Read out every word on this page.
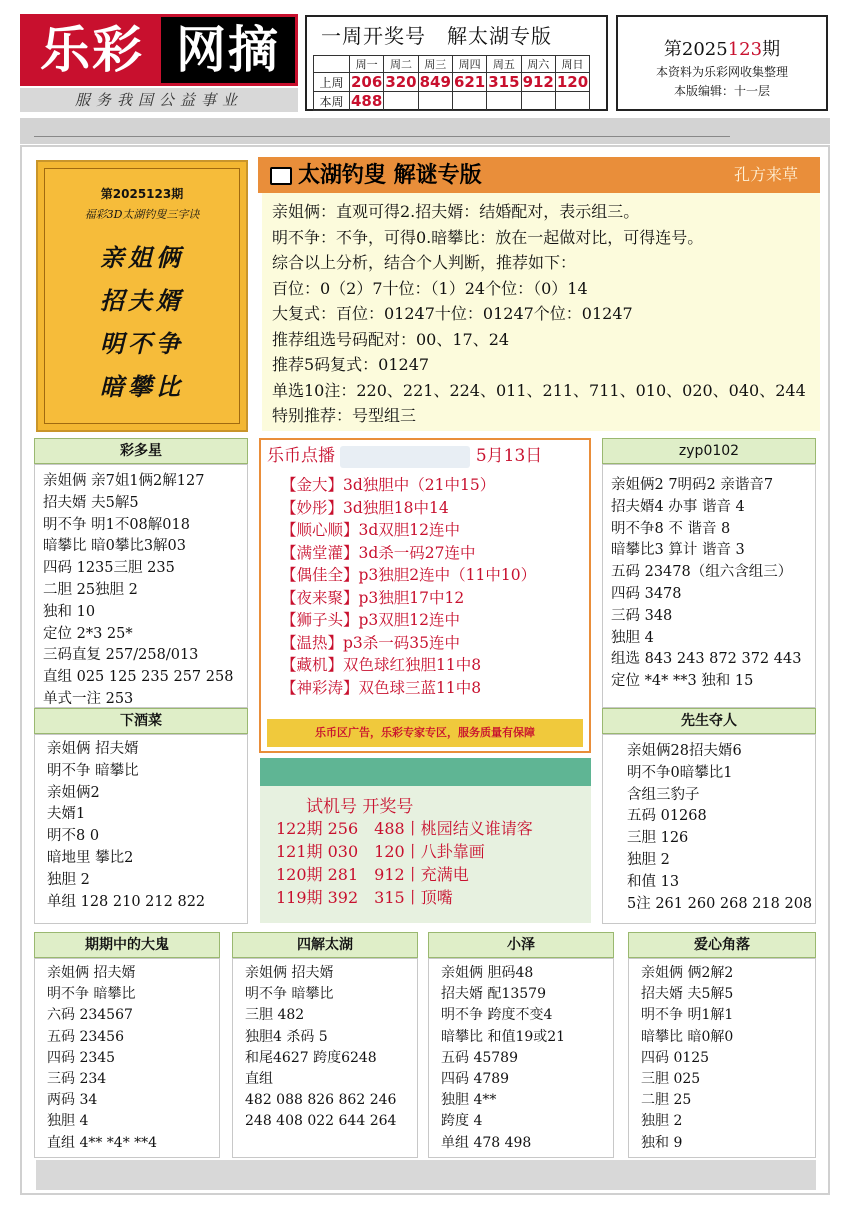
乐彩 网摘
服务我国公益事业
一周开奖号　解太湖专版
	周一	周二	周三	周四	周五	周六	周日
上周	206	320	849	621	315	912	120
本周	488						
第2025123期
本资料为乐彩网收集整理
本版编辑：十一层
第2025123期
福彩3D太湖钓叟三字诀
亲姐俩
招夫婿
明不争
暗攀比
太湖钓叟 解谜专版	孔方来草
亲姐俩：直观可得2.招夫婿：结婚配对，表示组三。
明不争：不争，可得0.暗攀比：放在一起做对比，可得连号。
综合以上分析，结合个人判断，推荐如下：
百位：0（2）7十位：（1）24个位：（0）14
大复式：百位：01247十位：01247个位：01247
推荐组选号码配对：00、17、24
推荐5码复式：01247
单选10注：220、221、224、011、211、711、010、020、040、244
特别推荐：号型组三
彩多星
亲姐俩 亲7姐1俩2解127
招夫婿 夫5解5
明不争 明1不08解018
暗攀比 暗0攀比3解03
四码 1235三胆 235
二胆 25独胆 2
独和 10
定位 2*3 25*
三码直复 257/258/013
直组 025 125 235 257 258
单式一注 253
下酒菜
亲姐俩 招夫婿
明不争 暗攀比
亲姐俩2
夫婿1
明不8 0
暗地里 攀比2
独胆 2
单组 128 210 212 822
乐币点播	5月13日
【金大】3d独胆中（21中15）
【妙彤】3d独胆18中14
【顺心顺】3d双胆12连中
【满堂灌】3d杀一码27连中
【偶佳全】p3独胆2连中（11中10）
【夜来聚】p3独胆17中12
【狮子头】p3双胆12连中
【温热】p3杀一码35连中
【藏机】双色球红独胆11中8
【神彩涛】双色球三蓝11中8
乐币区广告，乐彩专家专区，服务质量有保障
试机号 开奖号
122期 256　488丨桃园结义谁请客
121期 030　120丨八卦靠画
120期 281　912丨充满电
119期 392　315丨顶嘴
zyp0102
亲姐俩2 7明码2 亲谐音7
招夫婿4 办事 谐音 4
明不争8 不 谐音 8
暗攀比3 算计 谐音 3
五码 23478（组六含组三）
四码 3478
三码 348
独胆 4
组选 843 243 872 372 443
定位 *4* **3 独和 15
先生夺人
亲姐俩28招夫婿6
明不争0暗攀比1
含组三豹子
五码 01268
三胆 126
独胆 2
和值 13
5注 261 260 268 218 208
期期中的大鬼
亲姐俩 招夫婿
明不争 暗攀比
六码 234567
五码 23456
四码 2345
三码 234
两码 34
独胆 4
直组 4** *4* **4
四解太湖
亲姐俩 招夫婿
明不争 暗攀比
三胆 482
独胆4 杀码 5
和尾4627 跨度6248
直组
482 088 826 862 246
248 408 022 644 264
小泽
亲姐俩 胆码48
招夫婿 配13579
明不争 跨度不变4
暗攀比 和值19或21
五码 45789
四码 4789
独胆 4**
跨度 4
单组 478 498
爱心角落
亲姐俩 俩2解2
招夫婿 夫5解5
明不争 明1解1
暗攀比 暗0解0
四码 0125
三胆 025
二胆 25
独胆 2
独和 9
